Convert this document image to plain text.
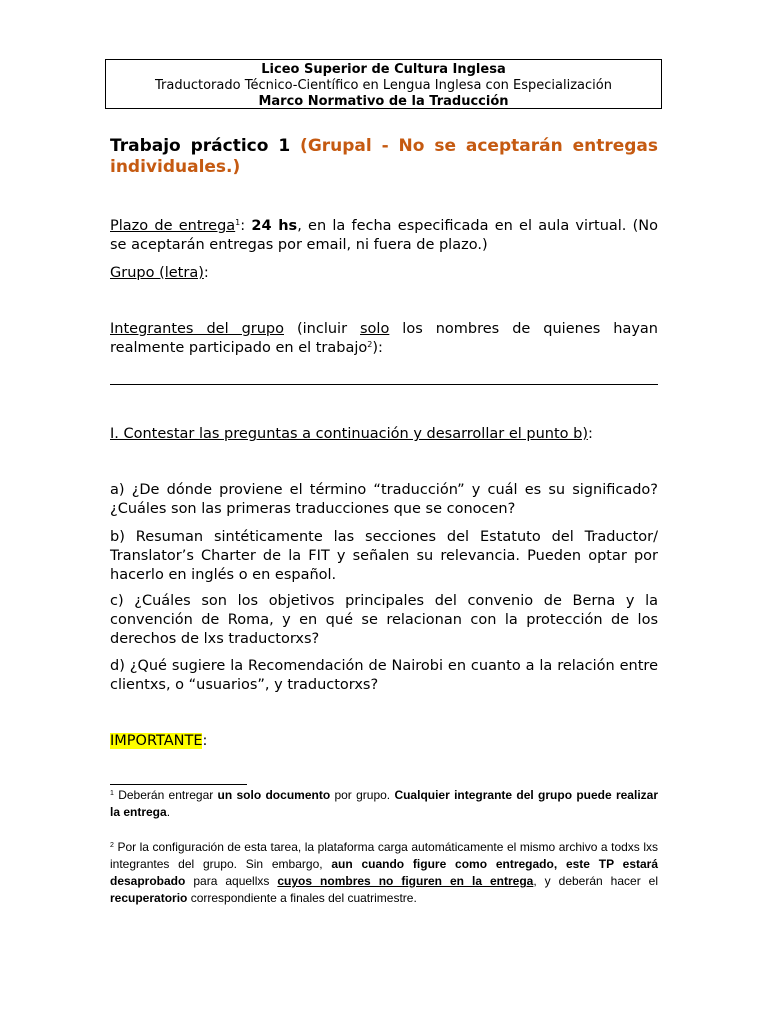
Liceo Superior de Cultura Inglesa
Traductorado Técnico-Científico en Lengua Inglesa con Especialización
Marco Normativo de la Traducción
Trabajo práctico 1 (Grupal - No se aceptarán entregas individuales.)
Plazo de entrega$^1$: 24 hs, en la fecha especificada en el aula virtual. (No se aceptarán entregas por email, ni fuera de plazo.)
Grupo (letra):
Integrantes del grupo (incluir solo los nombres de quienes hayan realmente participado en el trabajo$^2$):
I. Contestar las preguntas a continuación y desarrollar el punto b):
a) ¿De dónde proviene el término “traducción” y cuál es su significado? ¿Cuáles son las primeras traducciones que se conocen?
b) Resuman sintéticamente las secciones del Estatuto del Traductor/ Translator’s Charter de la FIT y señalen su relevancia. Pueden optar por hacerlo en inglés o en español.
c) ¿Cuáles son los objetivos principales del convenio de Berna y la convención de Roma, y en qué se relacionan con la protección de los derechos de lxs traductorxs?
d) ¿Qué sugiere la Recomendación de Nairobi en cuanto a la relación entre clientxs, o “usuarios”, y traductorxs?
IMPORTANTE:
$^1$ Deberán entregar un solo documento por grupo. Cualquier integrante del grupo puede realizar la entrega.
$^2$ Por la configuración de esta tarea, la plataforma carga automáticamente el mismo archivo a todxs lxs integrantes del grupo. Sin embargo, aun cuando figure como entregado, este TP estará desaprobado para aquellxs cuyos nombres no figuren en la entrega, y deberán hacer el recuperatorio correspondiente a finales del cuatrimestre.
